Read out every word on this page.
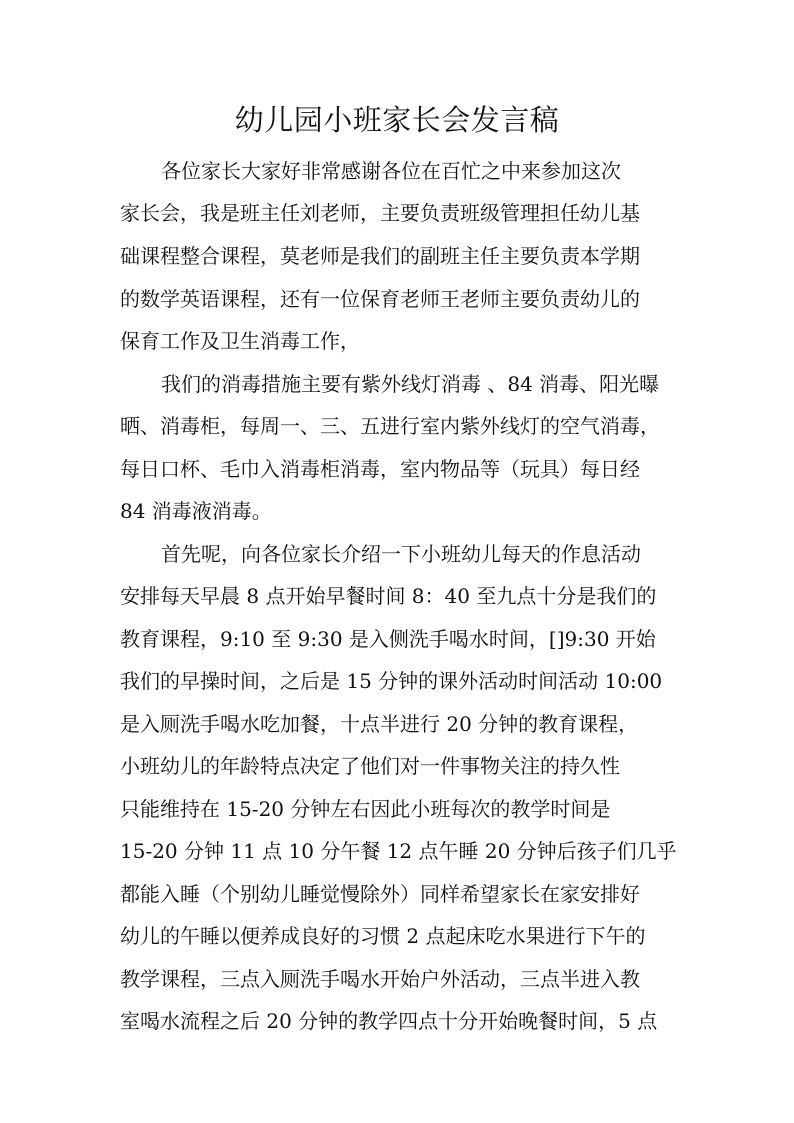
幼儿园小班家长会发言稿

各位家长大家好非常感谢各位在百忙之中来参加这次

家长会，我是班主任刘老师，主要负责班级管理担任幼儿基

础课程整合课程，莫老师是我们的副班主任主要负责本学期

的数学英语课程，还有一位保育老师王老师主要负责幼儿的

保育工作及卫生消毒工作，

我们的消毒措施主要有紫外线灯消毒 、84 消毒、阳光曝

晒、消毒柜，每周一、三、五进行室内紫外线灯的空气消毒，

每日口杯、毛巾入消毒柜消毒，室内物品等（玩具）每日经

84 消毒液消毒。

首先呢，向各位家长介绍一下小班幼儿每天的作息活动

安排每天早晨 8 点开始早餐时间 8：40 至九点十分是我们的

教育课程，9:10 至 9:30 是入侧洗手喝水时间，[]9:30 开始

我们的早操时间，之后是 15 分钟的课外活动时间活动 10:00

是入厕洗手喝水吃加餐，十点半进行 20 分钟的教育课程，

小班幼儿的年龄特点决定了他们对一件事物关注的持久性

只能维持在 15-20 分钟左右因此小班每次的教学时间是

15-20 分钟 11 点 10 分午餐 12 点午睡 20 分钟后孩子们几乎

都能入睡（个别幼儿睡觉慢除外）同样希望家长在家安排好

幼儿的午睡以便养成良好的习惯 2 点起床吃水果进行下午的

教学课程，三点入厕洗手喝水开始户外活动，三点半进入教

室喝水流程之后 20 分钟的教学四点十分开始晚餐时间，5 点
